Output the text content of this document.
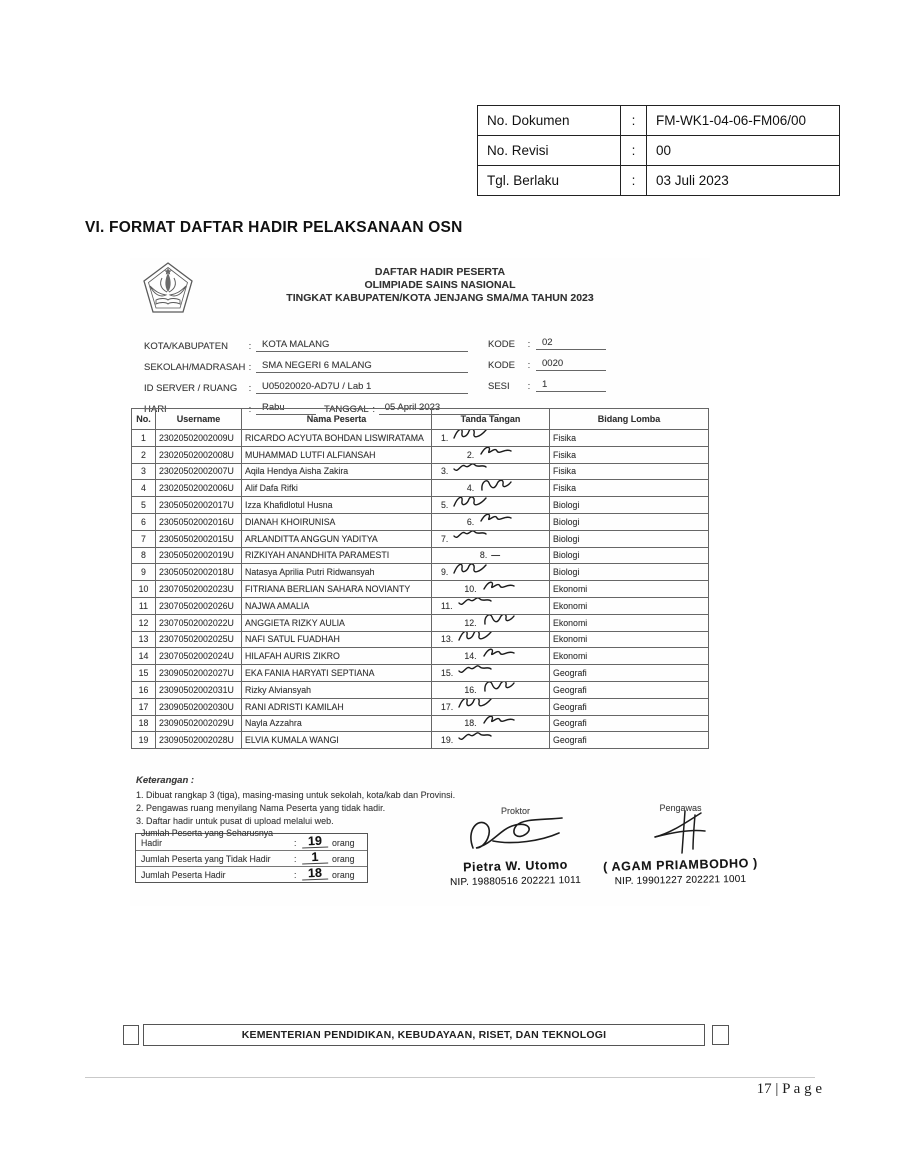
No. Dokumen	:	FM-WK1-04-06-FM06/00
No. Revisi	:	00
Tgl. Berlaku	:	03 Juli 2023
VI. FORMAT DAFTAR HADIR PELAKSANAAN OSN
DAFTAR HADIR PESERTA
OLIMPIADE SAINS NASIONAL
TINGKAT KABUPATEN/KOTA JENJANG SMA/MA TAHUN 2023
KOTA/KABUPATEN	:	KOTA MALANG	KODE	:	02
SEKOLAH/MADRASAH :	SMA NEGERI 6 MALANG	KODE	:	0020
ID SERVER / RUANG	:	U05020020-AD7U / Lab 1	SESI	:	1
HARI	:	Rabu	TANGGAL :	05 April 2023
No.	Username	Nama Peserta	Tanda Tangan	Bidang Lomba
1	23020502002009U	RICARDO ACYUTA BOHDAN LISWIRATAMA	1.	Fisika
2	23020502002008U	MUHAMMAD LUTFI ALFIANSAH	2.	Fisika
3	23020502002007U	Aqila Hendya Aisha Zakira	3.	Fisika
4	23020502002006U	Alif Dafa Rifki	4.	Fisika
5	23050502002017U	Izza Khafidlotul Husna	5.	Biologi
6	23050502002016U	DIANAH KHOIRUNISA	6.	Biologi
7	23050502002015U	ARLANDITTA ANGGUN YADITYA	7.	Biologi
8	23050502002019U	RIZKIYAH ANANDHITA PARAMESTI	8. —	Biologi
9	23050502002018U	Natasya Aprilia Putri Ridwansyah	9.	Biologi
10	23070502002023U	FITRIANA BERLIAN SAHARA NOVIANTY	10.	Ekonomi
11	23070502002026U	NAJWA AMALIA	11.	Ekonomi
12	23070502002022U	ANGGIETA RIZKY AULIA	12.	Ekonomi
13	23070502002025U	NAFI SATUL FUADHAH	13.	Ekonomi
14	23070502002024U	HILAFAH AURIS ZIKRO	14.	Ekonomi
15	23090502002027U	EKA FANIA HARYATI SEPTIANA	15.	Geografi
16	23090502002031U	Rizky Alviansyah	16.	Geografi
17	23090502002030U	RANI ADRISTI KAMILAH	17.	Geografi
18	23090502002029U	Nayla Azzahra	18.	Geografi
19	23090502002028U	ELVIA KUMALA WANGI	19.	Geografi
Keterangan :
1. Dibuat rangkap 3 (tiga), masing-masing untuk sekolah, kota/kab dan Provinsi.
2. Pengawas ruang menyilang Nama Peserta yang tidak hadir.
3. Daftar hadir untuk pusat di upload melalui web.
Jumlah Peserta yang Seharusnya Hadir	: 19	orang
Jumlah Peserta yang Tidak Hadir	:	1	orang
Jumlah Peserta Hadir	: 18	orang
Proktor
Pietra W. Utomo
NIP. 19880516 202221 1011
Pengawas
( AGAM PRIAMBODHO )
NIP. 19901227 202221 1001
KEMENTERIAN PENDIDIKAN, KEBUDAYAAN, RISET, DAN TEKNOLOGI
17 | P a g e
